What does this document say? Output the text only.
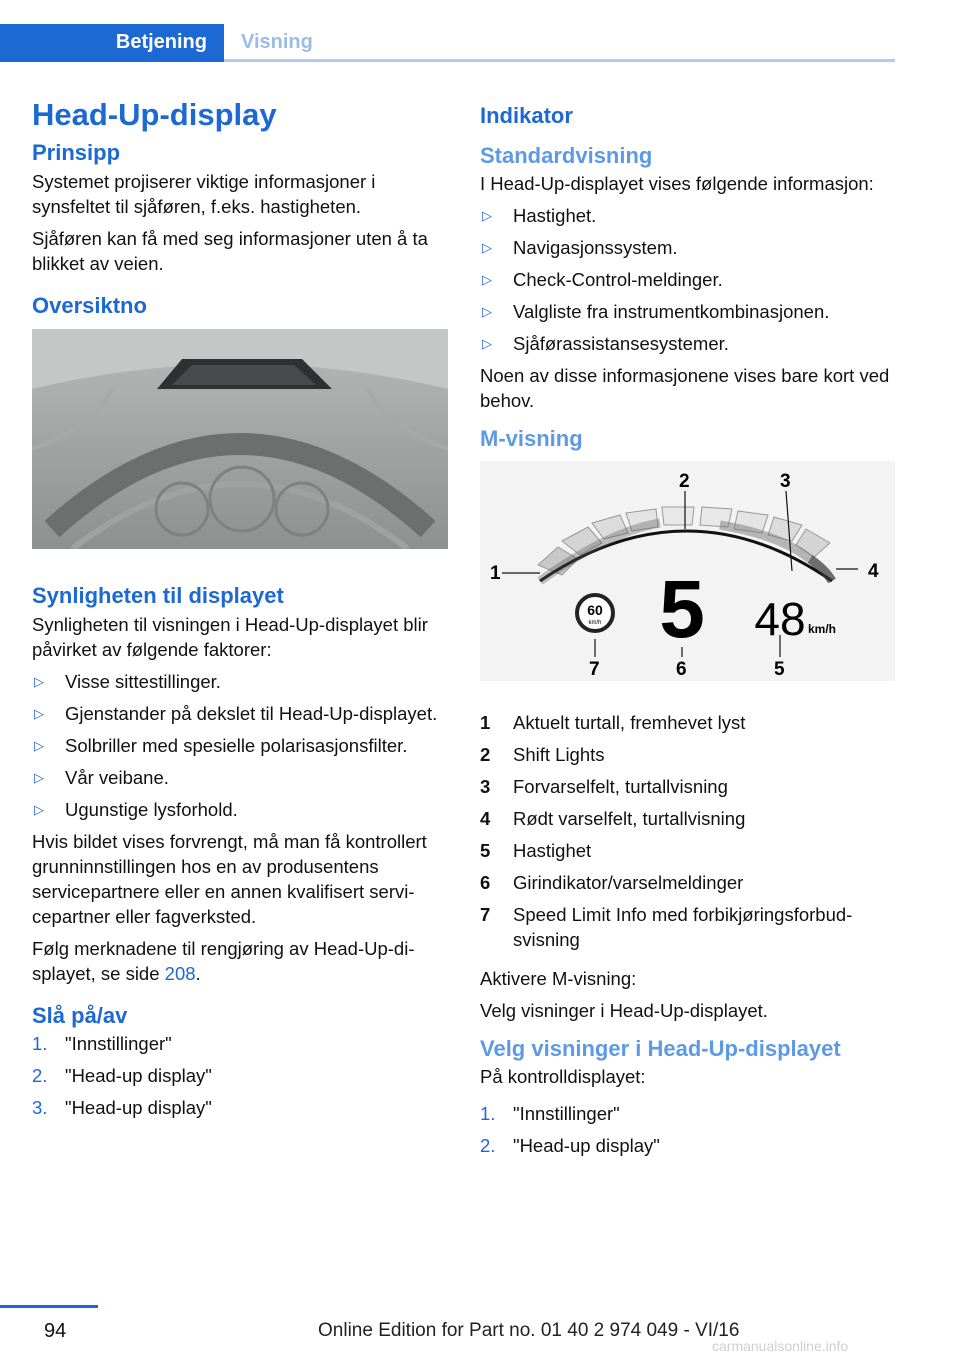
Betjening Visning
Head-Up-display
Prinsipp

Systemet projiserer viktige informasjoner i synsfeltet til sjåføren, f.eks. hastigheten.

Sjåføren kan få med seg informasjoner uten å ta blikket av veien.

Oversiktno
Synligheten til displayet

Synligheten til visningen i Head-Up-displayet blir påvirket av følgende faktorer:

▷ Visse sittestillinger.
▷ Gjenstander på dekslet til Head-Up-displayet.
▷ Solbriller med spesielle polarisasjonsfilter.
▷ Vår veibane.
▷ Ugunstige lysforhold.

Hvis bildet vises forvrengt, må man få kontrollert grunninnstillingen hos en av produsentens servicepartnere eller en annen kvalifisert servicepartner eller fagverksted.

Følg merknadene til rengjøring av Head-Up-displayet, se side 208.

Slå på/av
1. "Innstillinger"
2. "Head-up display"
3. "Head-up display"
Indikator
Standardvisning

I Head-Up-displayet vises følgende informasjon:

▷ Hastighet.
▷ Navigasjonssystem.
▷ Check-Control-meldinger.
▷ Valgliste fra instrumentkombinasjonen.
▷ Sjåførassistansesystemer.

Noen av disse informasjonene vises bare kort ved behov.

M-visning
1
2	3
4
5
6
7
60
km/h 5 48 km/h
1 Aktuelt turtall, fremhevet lyst
2 Shift Lights
3 Forvarselfelt, turtallvisning
4 Rødt varselfelt, turtallvisning
5 Hastighet
6 Girindikator/varselmeldinger
7 Speed Limit Info med forbikjøringsforbudsvisning

Aktivere M-visning:

Velg visninger i Head-Up-displayet.

Velg visninger i Head-Up-displayet

På kontrolldisplayet:

1. "Innstillinger"
2. "Head-up display"
94	Online Edition for Part no. 01 40 2 974 049 - VI/16
carmanualsonline.info
